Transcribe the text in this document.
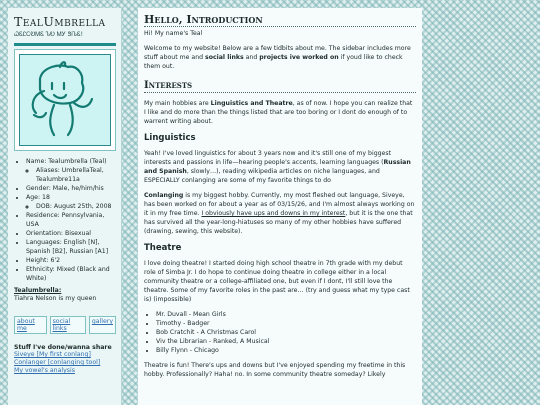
TealUmbrella
ᏇᏋᏝᏟᎧᎷᏋ ᏖᎧ ᎷᎩ ᏕᎥᏖᏋ!
• Name: Tealumbrella (Teal)
◦ Aliases: UmbrellaTeal, Tealumbre11a
• Gender: Male, he/him/his
• Age: 18
◦ DOB: August 25th, 2008
• Residence: Pennsylvania, USA
• Orientation: Bisexual
• Languages: English [N], Spanish [B2], Russian [A1]
• Height: 6'2
• Ethnicity: Mixed (Black and White)
Tealumbrella:
Tiahra Nelson is my queen
about me
social links
gallery
Stuff I've done/wanna share
Siveye [My first conlang]
Conlanger [conlanging tool]
My vowel's analysis
Hello, Introduction

Hi! My name's Teal

Welcome to my website! Below are a few tidbits about me. The sidebar includes more stuff about me and social links and projects ive worked on if youd like to check them out.

Interests

My main hobbies are Linguistics and Theatre, as of now. I hope you can realize that I like and do more than the things listed that are too boring or I dont do enough of to warrent writing about.

Linguistics

Yeah! I've loved linguistics for about 3 years now and it's still one of my biggest interests and passions in life—hearing people's accents, learning languages (Russian and Spanish, slowly…), reading wikipedia articles on niche languages, and ESPECIALLY conlanging are some of my favorite things to do

Conlanging is my biggest hobby. Currently, my most fleshed out language, Siveye, has been worked on for about a year as of 03/15/26, and I'm almost always working on it in my free time. I obviously have ups and downs in my interest, but it is the one that has survived all the year-long-hiatuses so many of my other hobbies have suffered (drawing, sewing, this website).

Theatre

I love doing theatre! I started doing high school theatre in 7th grade with my debut role of Simba Jr. I do hope to continue doing theatre in college either in a local community theatre or a college-affiliated one, but even if I dont, I'll still love the theatre. Some of my favorite roles in the past are… (try and guess what my type cast is) (impossible)

• Mr. Duvall - Mean Girls
• Timothy - Badger
• Bob Cratchit - A Christmas Carol
• Viv the Librarian - Ranked, A Musical
• Billy Flynn - Chicago

Theatre is fun! There's ups and downs but I've enjoyed spending my freetime in this hobby. Professionally? Haha! no. In some community theatre someday? Likely
